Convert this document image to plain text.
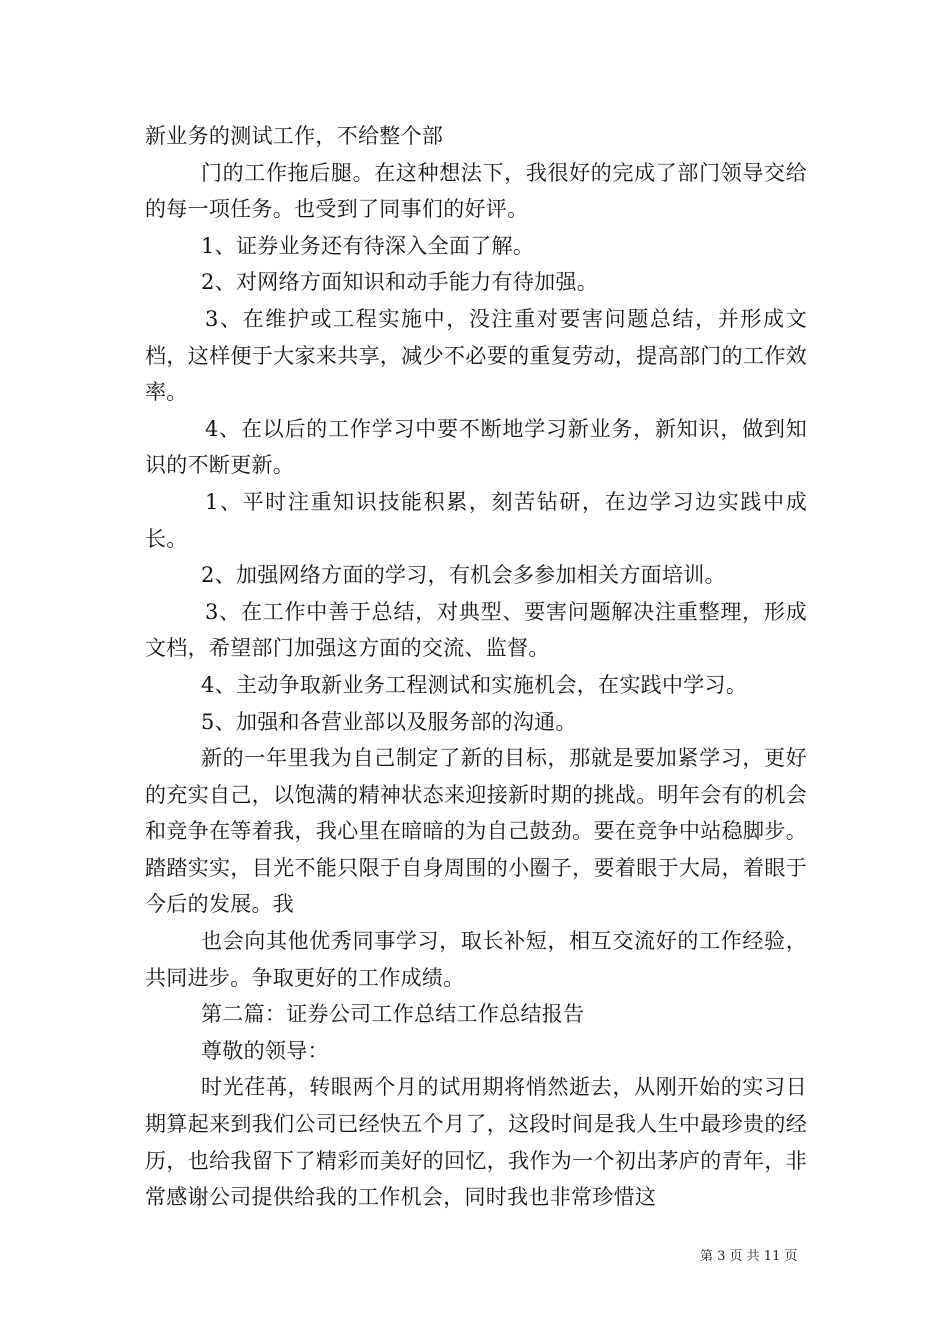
新业务的测试工作，不给整个部

门的工作拖后腿。在这种想法下，我很好的完成了部门领导交给的每一项任务。也受到了同事们的好评。

1、证券业务还有待深入全面了解。

2、对网络方面知识和动手能力有待加强。

3、在维护或工程实施中，没注重对要害问题总结，并形成文档，这样便于大家来共享，减少不必要的重复劳动，提高部门的工作效率。

4、在以后的工作学习中要不断地学习新业务，新知识，做到知识的不断更新。

1、平时注重知识技能积累，刻苦钻研，在边学习边实践中成长。

2、加强网络方面的学习，有机会多参加相关方面培训。

3、在工作中善于总结，对典型、要害问题解决注重整理，形成文档，希望部门加强这方面的交流、监督。

4、主动争取新业务工程测试和实施机会，在实践中学习。

5、加强和各营业部以及服务部的沟通。

新的一年里我为自己制定了新的目标，那就是要加紧学习，更好的充实自己，以饱满的精神状态来迎接新时期的挑战。明年会有的机会和竞争在等着我，我心里在暗暗的为自己鼓劲。要在竞争中站稳脚步。踏踏实实，目光不能只限于自身周围的小圈子，要着眼于大局，着眼于今后的发展。我

也会向其他优秀同事学习，取长补短，相互交流好的工作经验，共同进步。争取更好的工作成绩。

第二篇：证券公司工作总结工作总结报告

尊敬的领导：

时光荏苒，转眼两个月的试用期将悄然逝去，从刚开始的实习日期算起来到我们公司已经快五个月了，这段时间是我人生中最珍贵的经历，也给我留下了精彩而美好的回忆，我作为一个初出茅庐的青年，非常感谢公司提供给我的工作机会，同时我也非常珍惜这

第 3 页 共 11 页
